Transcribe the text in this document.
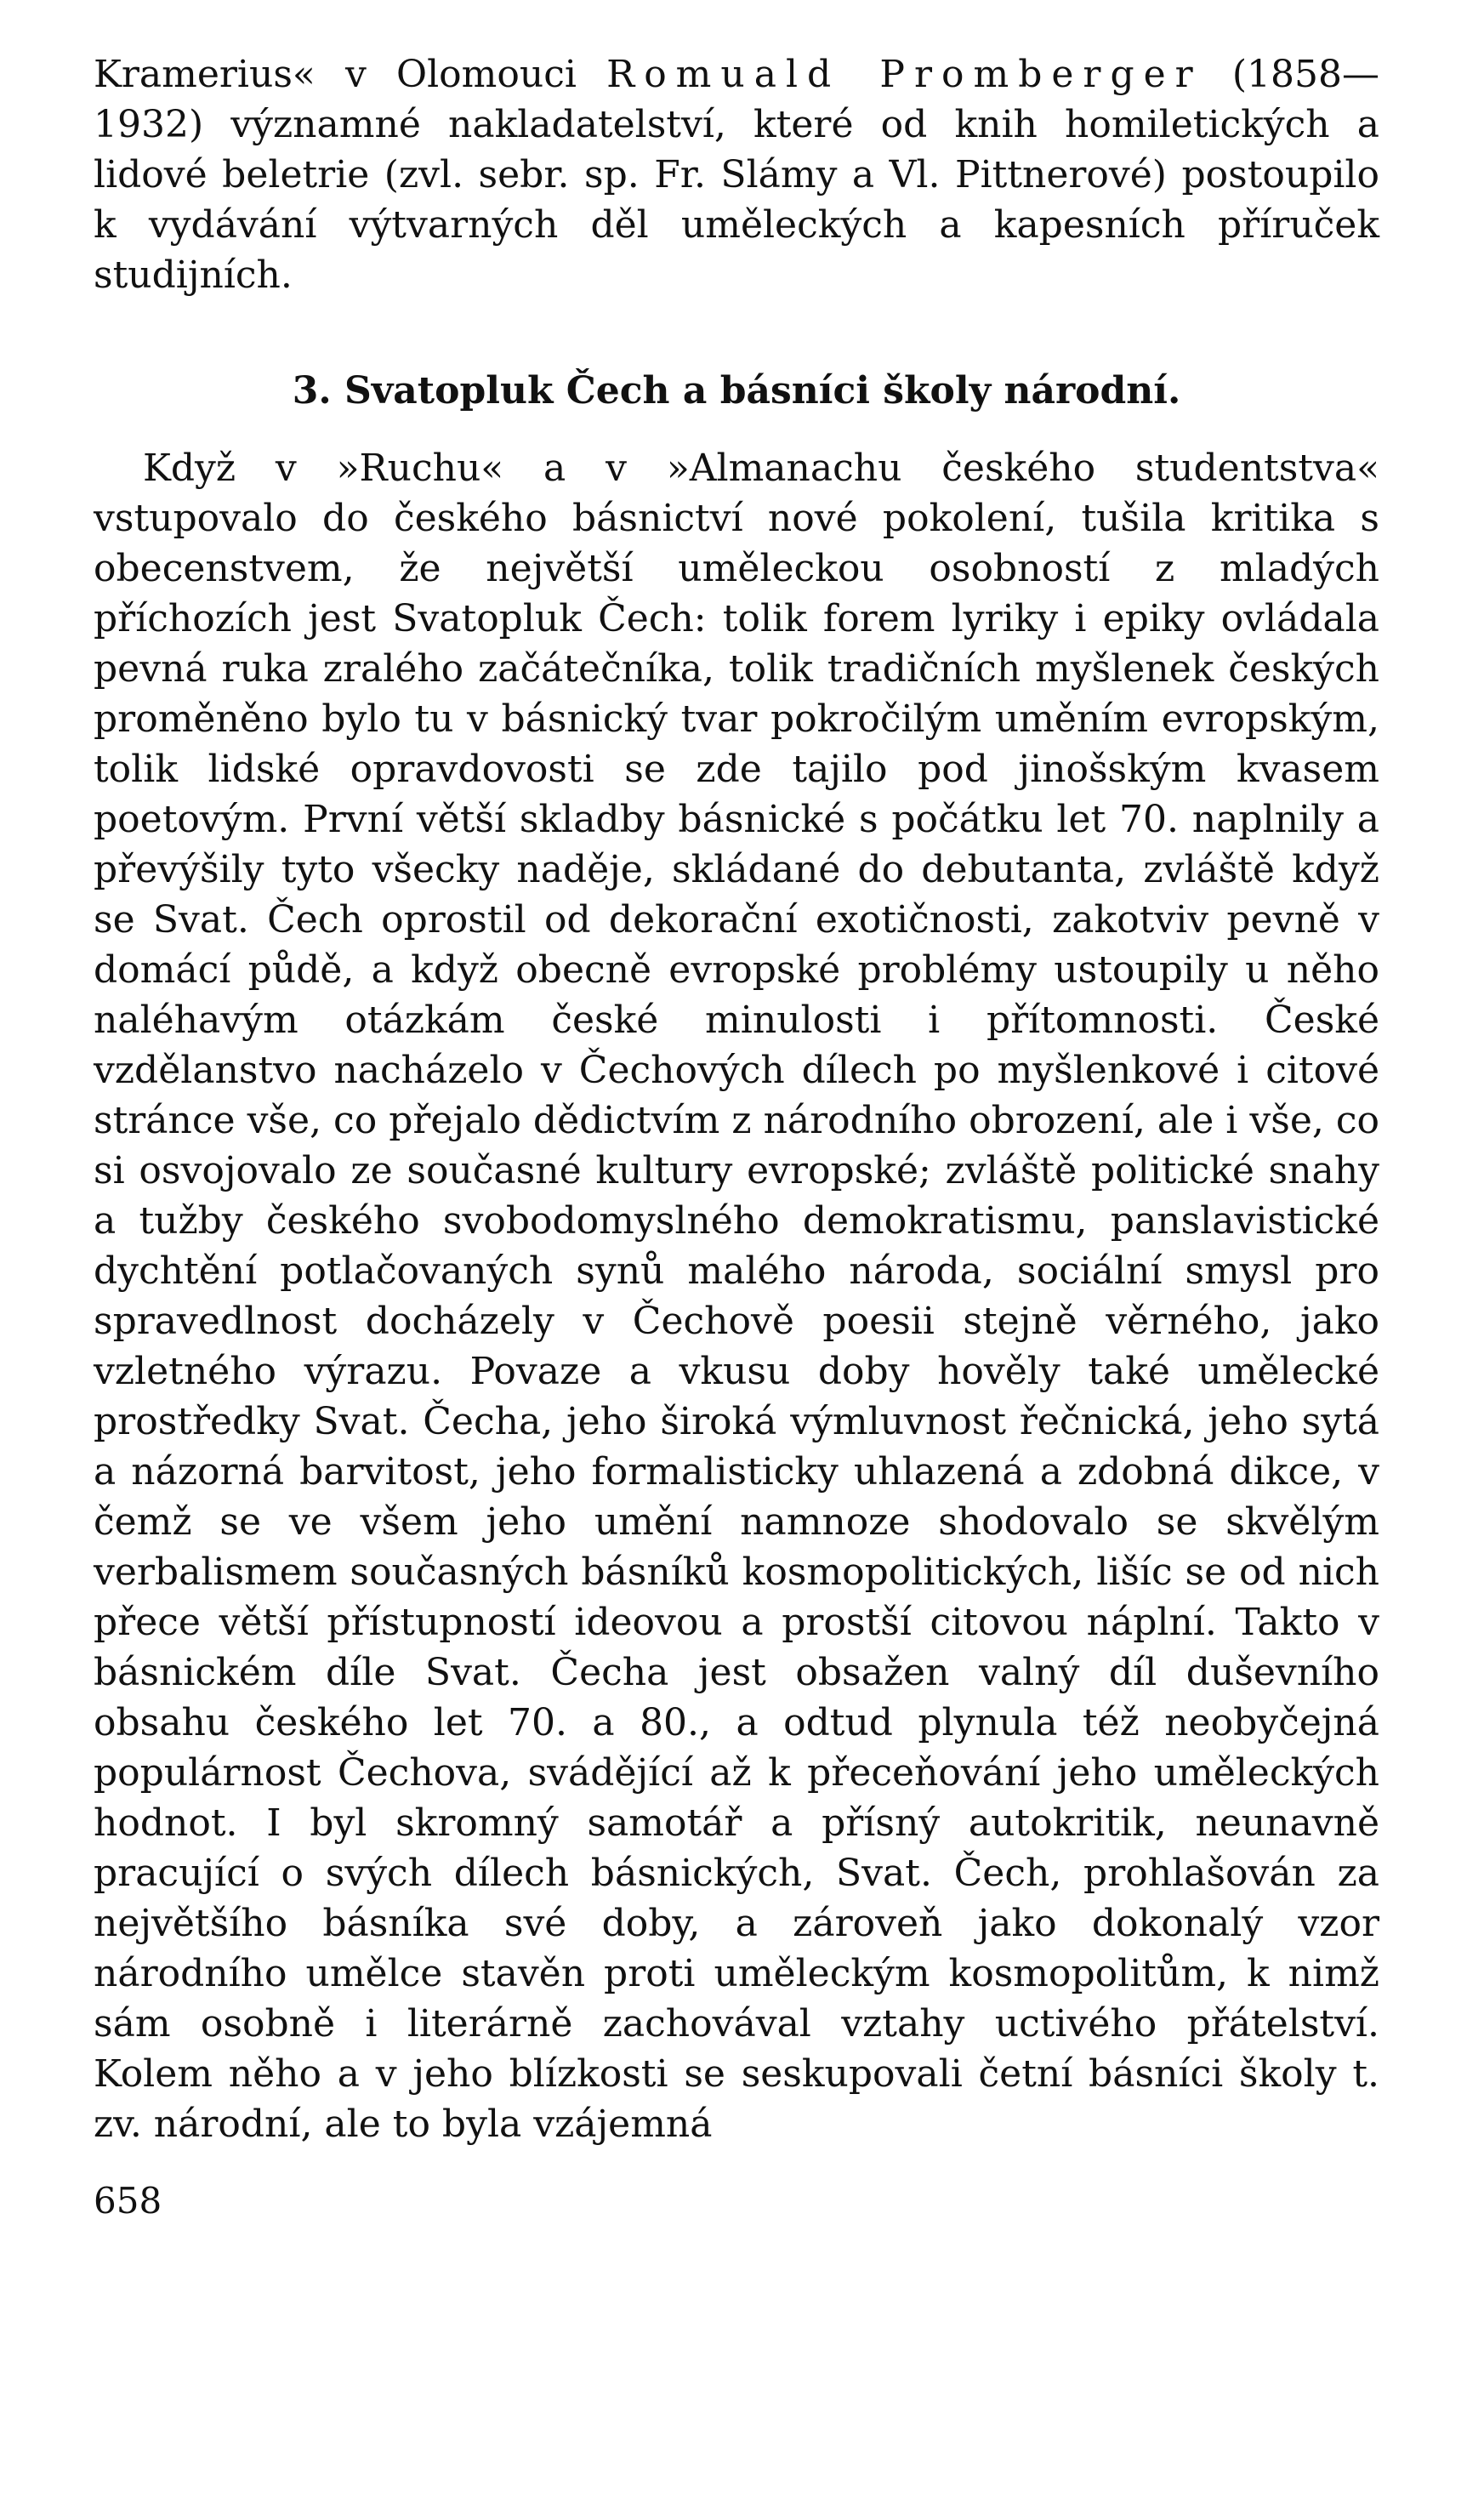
Kramerius« v Olomouci Romuald Promberger (1858—1932) významné nakladatelství, které od knih homiletických a lidové beletrie (zvl. sebr. sp. Fr. Slámy a Vl. Pittnerové) postoupilo k vydávání výtvarných děl uměleckých a kapesních příruček studijních.

3. Svatopluk Čech a básníci školy národní.

Když v »Ruchu« a v »Almanachu českého studentstva« vstupovalo do českého básnictví nové pokolení, tušila kritika s obecenstvem, že největší uměleckou osobností z mladých příchozích jest Svatopluk Čech: tolik forem lyriky i epiky ovládala pevná ruka zralého začátečníka, tolik tradičních myšlenek českých proměněno bylo tu v básnický tvar pokročilým uměním evropským, tolik lidské opravdovosti se zde tajilo pod jinošským kvasem poetovým. První větší skladby básnické s počátku let 70. naplnily a převýšily tyto všecky naděje, skládané do debutanta, zvláště když se Svat. Čech oprostil od dekorační exotičnosti, zakotviv pevně v domácí půdě, a když obecně evropské problémy ustoupily u něho naléhavým otázkám české minulosti i přítomnosti. České vzdělanstvo nacházelo v Čechových dílech po myšlenkové i citové stránce vše, co přejalo dědictvím z národního obrození, ale i vše, co si osvojovalo ze současné kultury evropské; zvláště politické snahy a tužby českého svobodomyslného demokratismu, panslavistické dychtění potlačovaných synů malého národa, sociální smysl pro spravedlnost docházely v Čechově poesii stejně věrného, jako vzletného výrazu. Povaze a vkusu doby hověly také umělecké prostředky Svat. Čecha, jeho široká výmluvnost řečnická, jeho sytá a názorná barvitost, jeho formalisticky uhlazená a zdobná dikce, v čemž se ve všem jeho umění namnoze shodovalo se skvělým verbalismem současných básníků kosmopolitických, lišíc se od nich přece větší přístupností ideovou a prostší citovou náplní. Takto v básnickém díle Svat. Čecha jest obsažen valný díl duševního obsahu českého let 70. a 80., a odtud plynula též neobyčejná populárnost Čechova, svádějící až k přeceňování jeho uměleckých hodnot. I byl skromný samotář a přísný autokritik, neunavně pracující o svých dílech básnických, Svat. Čech, prohlašován za největšího básníka své doby, a zároveň jako dokonalý vzor národního umělce stavěn proti uměleckým kosmopolitům, k nimž sám osobně i literárně zachovával vztahy uctivého přátelství. Kolem něho a v jeho blízkosti se seskupovali četní básníci školy t. zv. národní, ale to byla vzájemná

658
